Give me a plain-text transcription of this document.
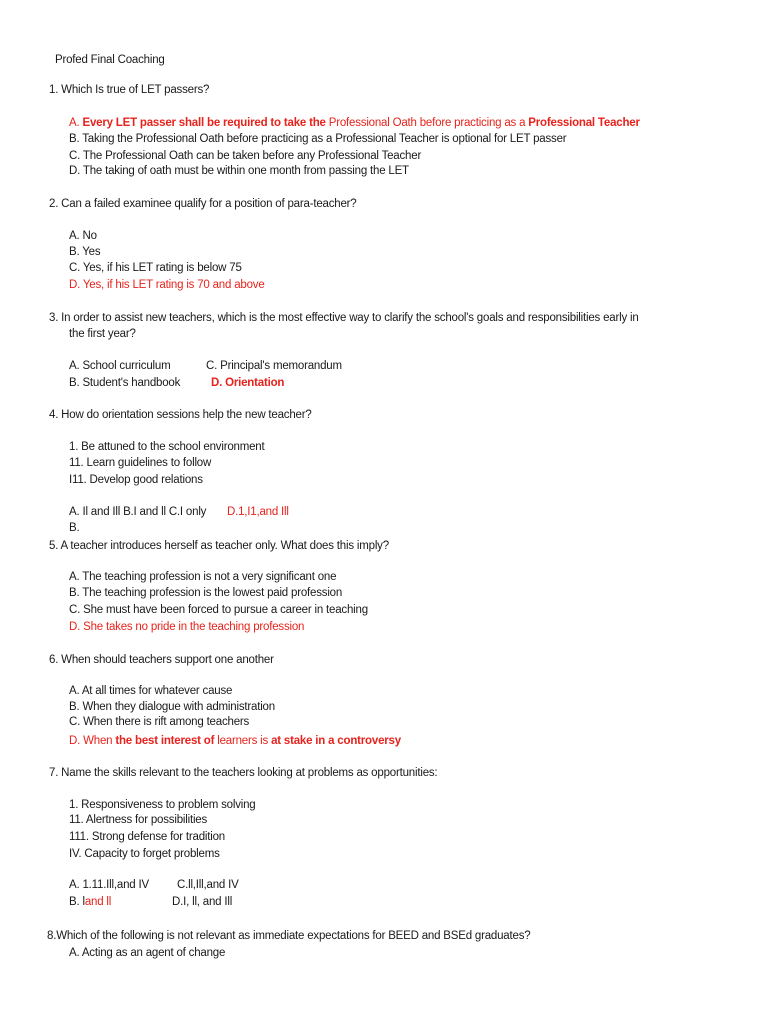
Profed Final Coaching
1. Which Is true of LET passers?
A. Every LET passer shall be required to take the Professional Oath before practicing as a Professional Teacher
B. Taking the Professional Oath before practicing as a Professional Teacher is optional for LET passer
C. The Professional Oath can be taken before any Professional Teacher
D. The taking of oath must be within one month from passing the LET
2. Can a failed examinee qualify for a position of para-teacher?
A. No
B. Yes
C. Yes, if his LET rating is below 75
D. Yes, if his LET rating is 70 and above
3. In order to assist new teachers, which is the most effective way to clarify the school's goals and responsibilities early in
the first year?
A. School curriculum	C. Principal's memorandum
B. Student's handbook	D. Orientation
4. How do orientation sessions help the new teacher?
1. Be attuned to the school environment
11. Learn guidelines to follow
I11. Develop good relations
A. Il and Ill B.I and ll C.I only D.1,I1,and Ill
B.
5. A teacher introduces herself as teacher only. What does this imply?
A. The teaching profession is not a very significant one
B. The teaching profession is the lowest paid profession
C. She must have been forced to pursue a career in teaching
D. She takes no pride in the teaching profession
6. When should teachers support one another
A. At all times for whatever cause
B. When they dialogue with administration
C. When there is rift among teachers
D. When the best interest of learners is at stake in a controversy
7. Name the skills relevant to the teachers looking at problems as opportunities:
1. Responsiveness to problem solving
11. Alertness for possibilities
111. Strong defense for tradition
IV. Capacity to forget problems
A. 1.11.Ill,and IV C.ll,Ill,and IV
B. land ll	D.I, ll, and Ill
8.Which of the following is not relevant as immediate expectations for BEED and BSEd graduates?
A. Acting as an agent of change
